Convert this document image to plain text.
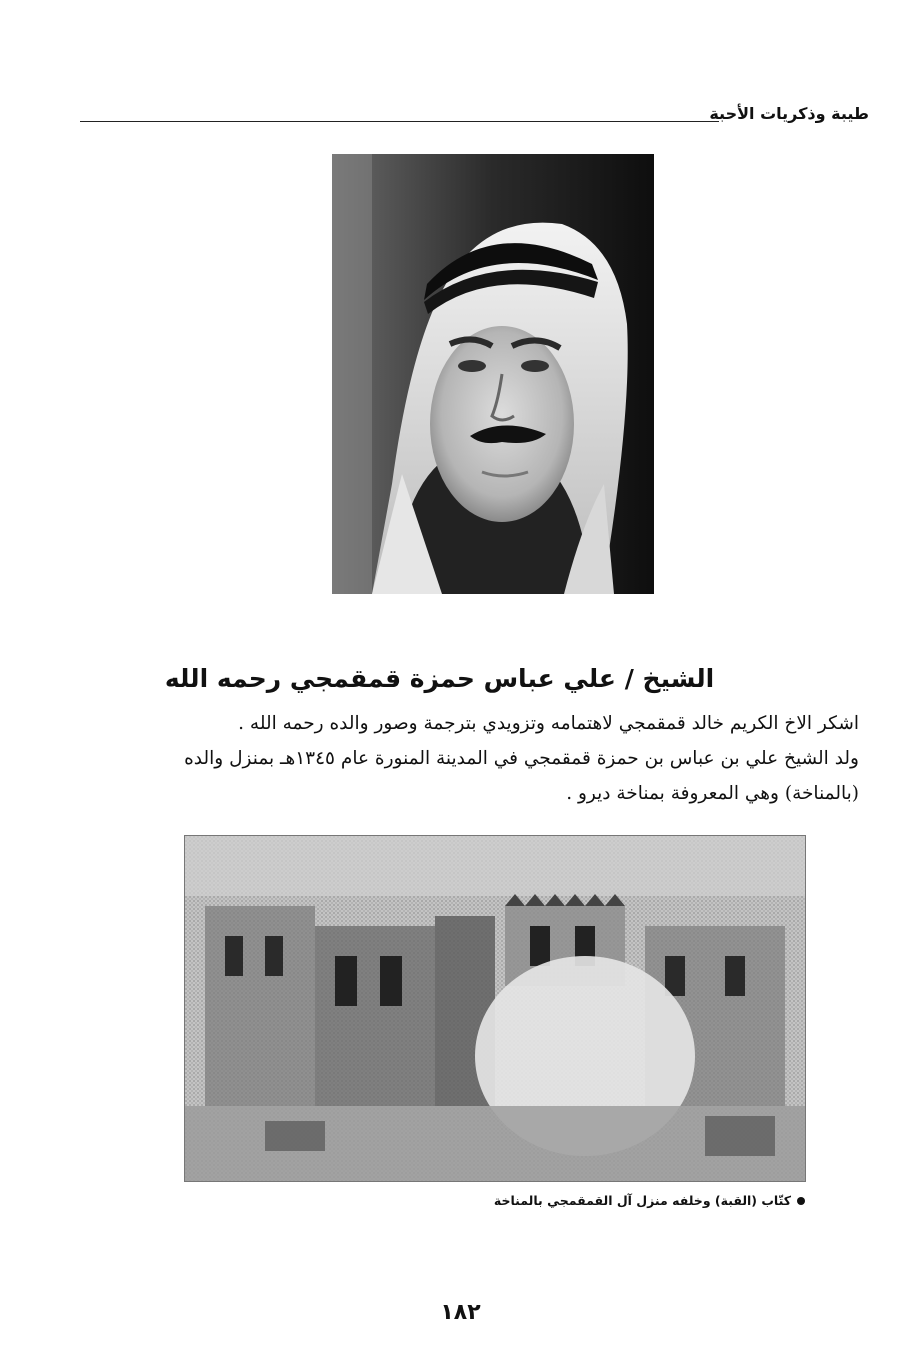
طيبة وذكريات الأحبة
الشيخ / علي عباس حمزة قمقمجي رحمه الله
اشكر الاخ الكريم خالد قمقمجي لاهتمامه وتزويدي بترجمة وصور والده رحمه الله .
ولد الشيخ علي بن عباس بن حمزة قمقمجي في المدينة المنورة عام ١٣٤٥هـ بمنزل والده
(بالمناخة) وهي المعروفة بمناخة ديرو .
كتّاب (القبة) وخلفه منزل آل القمقمجي بالمناخة
١٨٢
